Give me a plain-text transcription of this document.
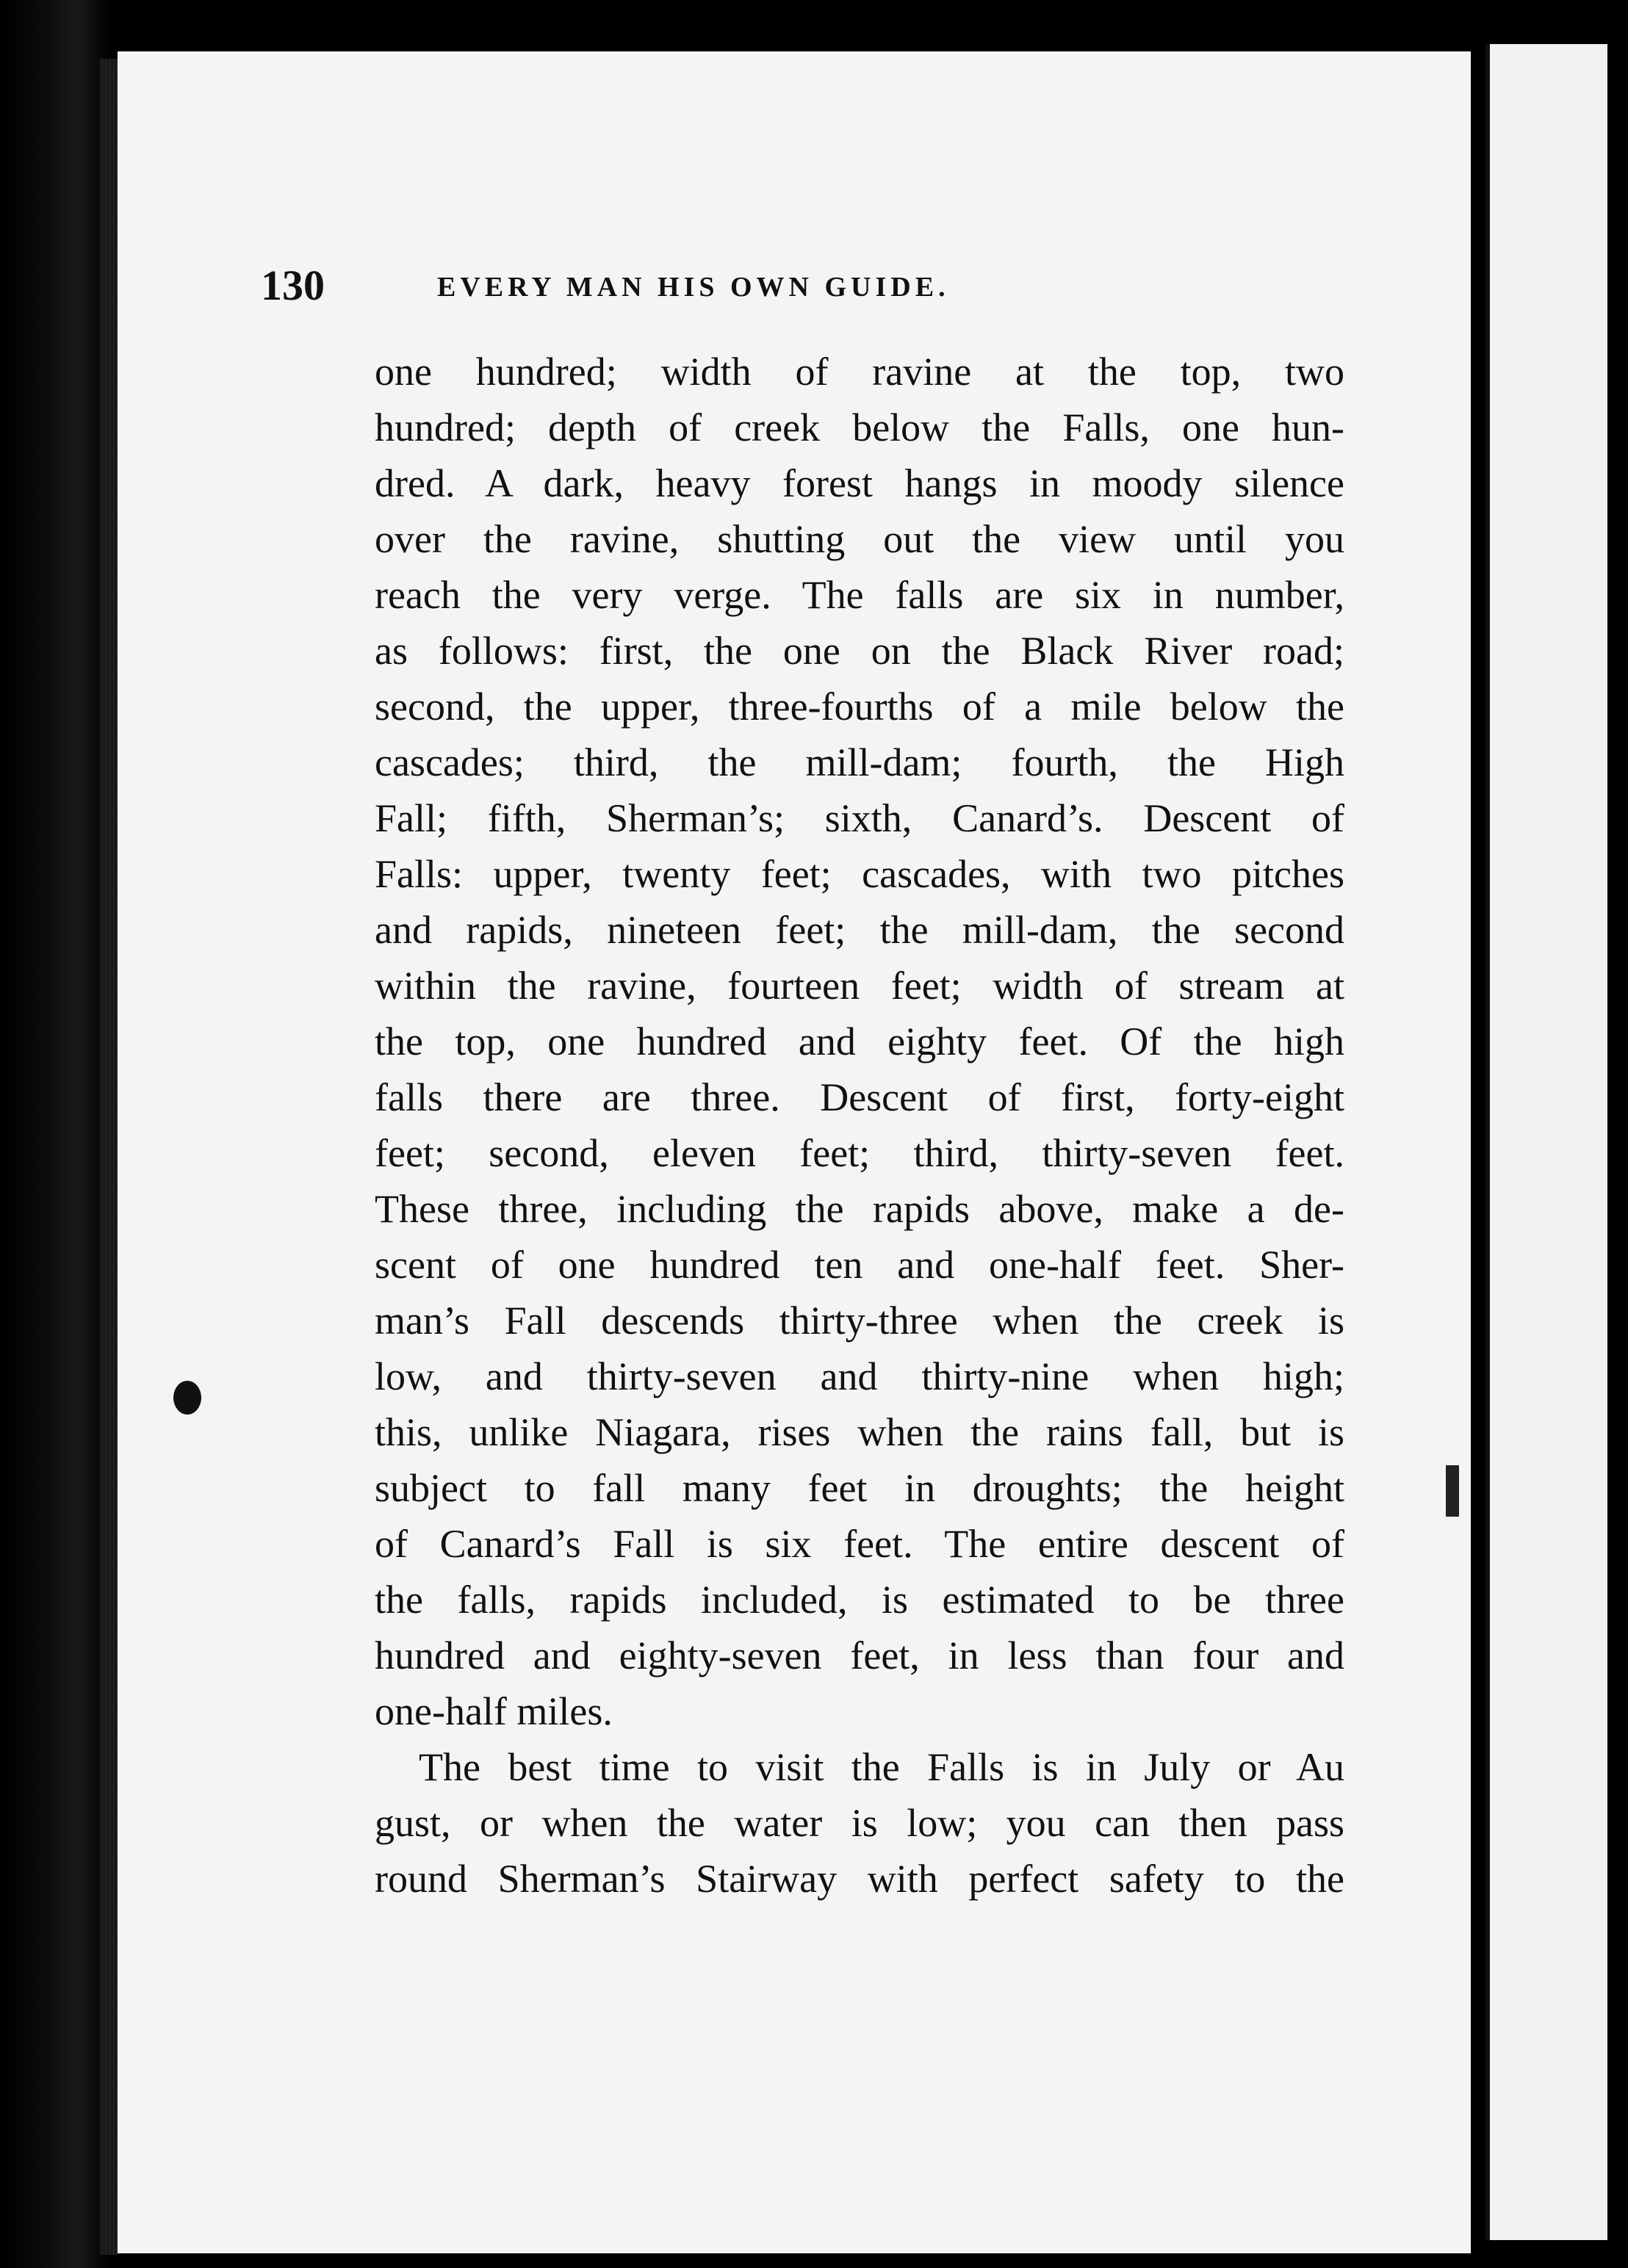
130	EVERY MAN HIS OWN GUIDE.
one hundred; width of ravine at the top, two
hundred; depth of creek below the Falls, one hun-
dred. A dark, heavy forest hangs in moody silence
over the ravine, shutting out the view until you
reach the very verge. The falls are six in number,
as follows: first, the one on the Black River road;
second, the upper, three-fourths of a mile below the
cascades; third, the mill-dam; fourth, the High
Fall; fifth, Sherman’s; sixth, Canard’s. Descent of
Falls: upper, twenty feet; cascades, with two pitches
and rapids, nineteen feet; the mill-dam, the second
within the ravine, fourteen feet; width of stream at
the top, one hundred and eighty feet. Of the high
falls there are three. Descent of first, forty-eight
feet; second, eleven feet; third, thirty-seven feet.
These three, including the rapids above, make a de-
scent of one hundred ten and one-half feet. Sher-
man’s Fall descends thirty-three when the creek is
low, and thirty-seven and thirty-nine when high;
this, unlike Niagara, rises when the rains fall, but is
subject to fall many feet in droughts; the height
of Canard’s Fall is six feet. The entire descent of
the falls, rapids included, is estimated to be three
hundred and eighty-seven feet, in less than four and
one-half miles.
The best time to visit the Falls is in July or Au
gust, or when the water is low; you can then pass
round Sherman’s Stairway with perfect safety to the
